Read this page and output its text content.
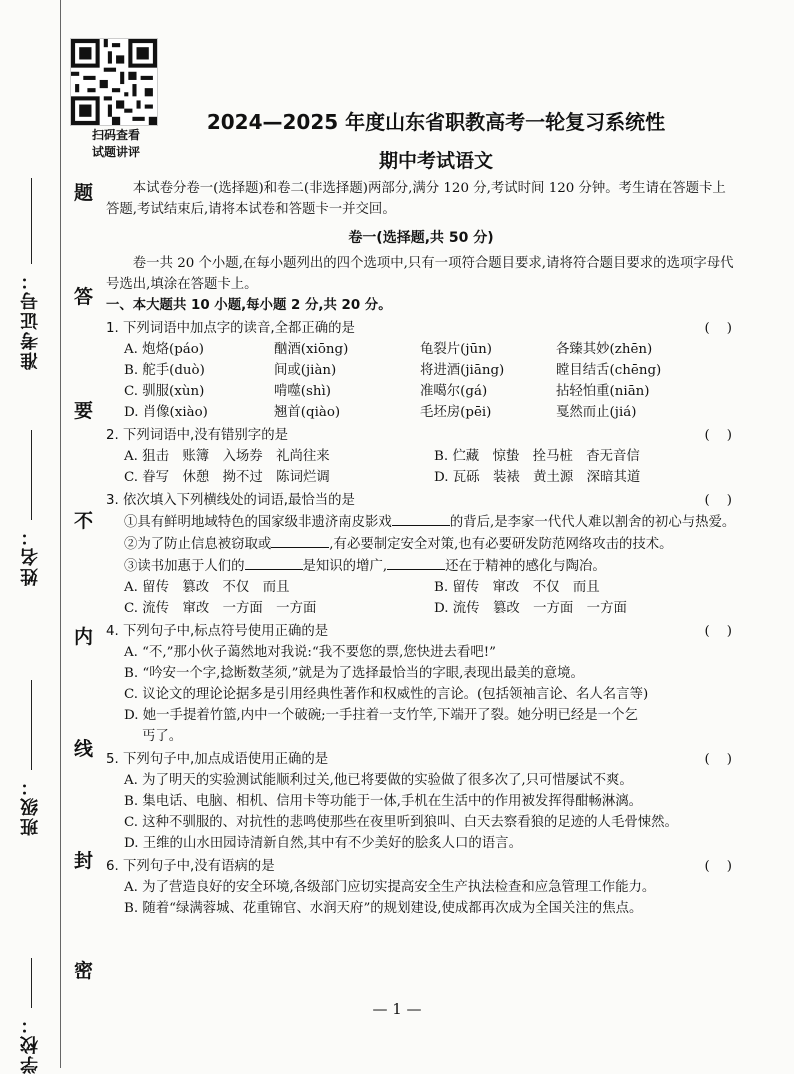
准考证号：
姓名：
班级：
学校：
题
答
要
不
内
线
封
密
扫码查看
试题讲评
2024—2025 年度山东省职教高考一轮复习系统性
期中考试语文

本试卷分卷一(选择题)和卷二(非选择题)两部分,满分 120 分,考试时间 120 分钟。考生请在答题卡上答题,考试结束后,请将本试卷和答题卡一并交回。

卷一(选择题,共 50 分)

卷一共 20 个小题,在每小题列出的四个选项中,只有一项符合题目要求,请将符合题目要求的选项字母代号选出,填涂在答题卡上。

一、本大题共 10 小题,每小题 2 分,共 20 分。
1. 下列词语中加点字的读音,全都正确的是	(    )
A. 炮烙(páo)	酗酒(xiōng)	龟裂片(jūn)	各臻其妙(zhēn)
B. 舵手(duò)	间或(jiàn)	将进酒(jiāng)	瞠目结舌(chēng)
C. 驯服(xùn)	啃噬(shì)	准噶尔(gá)	拈轻怕重(niān)
D. 肖像(xiào)	翘首(qiào)	毛坯房(pēi)	戛然而止(jiá)
2. 下列词语中,没有错别字的是	(    )
A. 狙击　账簿　入场券　礼尚往来	B. 伫藏　惊蛰　拴马桩　杳无音信
C. 眷写　休憩　拗不过　陈词烂调	D. 瓦砾　装裱　黄土源　深暗其道
3. 依次填入下列横线处的词语,最恰当的是	(    )
①具有鲜明地域特色的国家级非遗济南皮影戏	的背后,是李家一代代人难以割舍的初心与热爱。
②为了防止信息被窃取或	,有必要制定安全对策,也有必要研发防范网络攻击的技术。
③读书加惠于人们的	是知识的增广,	还在于精神的感化与陶冶。
A. 留传　篡改　不仅　而且	B. 留传　窜改　不仅　而且
C. 流传　窜改　一方面　一方面	D. 流传　篡改　一方面　一方面
4. 下列句子中,标点符号使用正确的是	(    )
A. “不,”那小伙子蔼然地对我说:“我不要您的票,您快进去看吧!”
B. “吟安一个字,捻断数茎须,”就是为了选择最恰当的字眼,表现出最美的意境。
C. 议论文的理论论据多是引用经典性著作和权威性的言论。(包括领袖言论、名人名言等)
D. 她一手提着竹篮,内中一个破碗;一手拄着一支竹竿,下端开了裂。她分明已经是一个乞
丐了。
5. 下列句子中,加点成语使用正确的是	(    )
A. 为了明天的实验测试能顺利过关,他已将要做的实验做了很多次了,只可惜屡试不爽。
B. 集电话、电脑、相机、信用卡等功能于一体,手机在生活中的作用被发挥得酣畅淋漓。
C. 这种不驯服的、对抗性的悲鸣使那些在夜里听到狼叫、白天去察看狼的足迹的人毛骨悚然。
D. 王维的山水田园诗清新自然,其中有不少美好的脍炙人口的语言。
6. 下列句子中,没有语病的是	(    )
A. 为了营造良好的安全环境,各级部门应切实提高安全生产执法检查和应急管理工作能力。
B. 随着“绿满蓉城、花重锦官、水润天府”的规划建设,使成都再次成为全国关注的焦点。
— 1 —
